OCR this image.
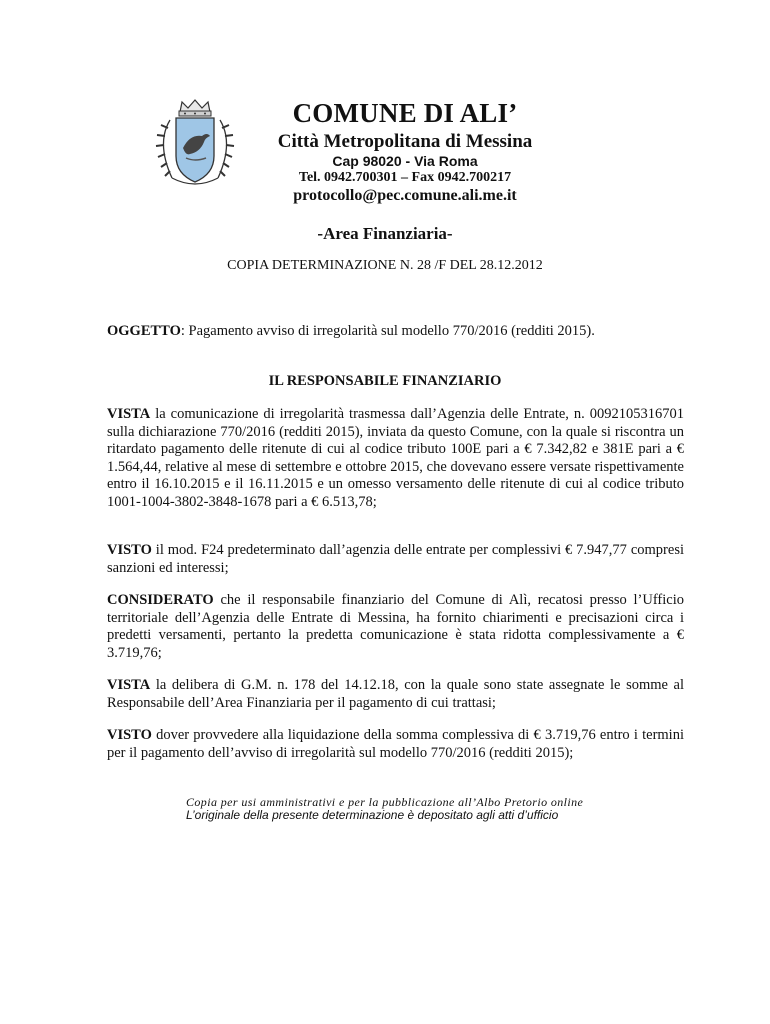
COMUNE DI ALI’
Città Metropolitana di Messina
Cap 98020 - Via Roma
Tel. 0942.700301 – Fax 0942.700217
protocollo@pec.comune.ali.me.it
-Area Finanziaria-
COPIA DETERMINAZIONE N. 28 /F DEL 28.12.2012
OGGETTO: Pagamento avviso di irregolarità sul modello 770/2016 (redditi 2015).
IL RESPONSABILE FINANZIARIO

VISTA la comunicazione di irregolarità trasmessa dall’Agenzia delle Entrate, n. 0092105316701 sulla dichiarazione 770/2016 (redditi 2015), inviata da questo Comune, con la quale si riscontra un ritardato pagamento delle ritenute di cui al codice tributo 100E pari a € 7.342,82 e 381E pari a € 1.564,44, relative al mese di settembre e ottobre 2015, che dovevano essere versate rispettivamente entro il 16.10.2015 e il 16.11.2015 e un omesso versamento delle ritenute di cui al codice tributo 1001-1004-3802-3848-1678 pari a € 6.513,78;

VISTO il mod. F24 predeterminato dall’agenzia delle entrate per complessivi € 7.947,77 compresi sanzioni ed interessi;

CONSIDERATO che il responsabile finanziario del Comune di Alì, recatosi presso l’Ufficio territoriale dell’Agenzia delle Entrate di Messina, ha fornito chiarimenti e precisazioni circa i predetti versamenti, pertanto la predetta comunicazione è stata ridotta complessivamente a € 3.719,76;

VISTA la delibera di G.M. n. 178 del 14.12.18, con la quale sono state assegnate le somme al Responsabile dell’Area Finanziaria per il pagamento di cui trattasi;

VISTO dover provvedere alla liquidazione della somma complessiva di € 3.719,76 entro i termini per il pagamento dell’avviso di irregolarità sul modello 770/2016 (redditi 2015);

Copia per usi amministrativi e per la pubblicazione all’Albo Pretorio online

L’originale della presente determinazione è depositato agli atti d’ufficio
